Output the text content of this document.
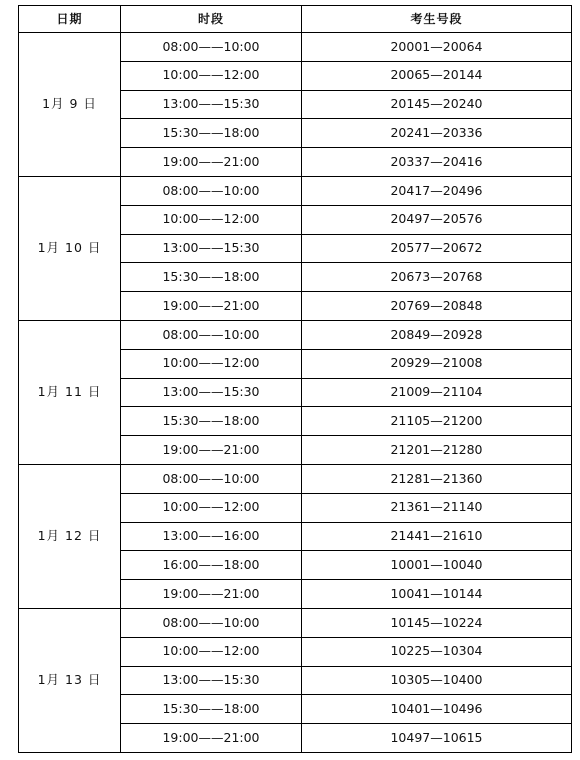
日期	时段	考生号段
1月 9 日	08:00——10:00	20001—20064
	10:00——12:00	20065—20144
	13:00——15:30	20145—20240
	15:30——18:00	20241—20336
	19:00——21:00	20337—20416
1月 10 日	08:00——10:00	20417—20496
	10:00——12:00	20497—20576
	13:00——15:30	20577—20672
	15:30——18:00	20673—20768
	19:00——21:00	20769—20848
1月 11 日	08:00——10:00	20849—20928
	10:00——12:00	20929—21008
	13:00——15:30	21009—21104
	15:30——18:00	21105—21200
	19:00——21:00	21201—21280
1月 12 日	08:00——10:00	21281—21360
	10:00——12:00	21361—21140
	13:00——16:00	21441—21610
	16:00——18:00	10001—10040
	19:00——21:00	10041—10144
1月 13 日	08:00——10:00	10145—10224
	10:00——12:00	10225—10304
	13:00——15:30	10305—10400
	15:30——18:00	10401—10496
	19:00——21:00	10497—10615
